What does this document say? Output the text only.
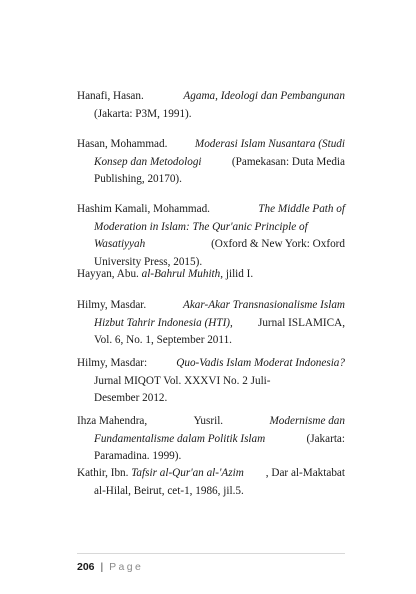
Hanafi, Hasan.	Agama, Ideologi dan Pembangunan
(Jakarta: P3M, 1991).
Hasan, Mohammad. Moderasi Islam Nusantara (Studi
Konsep dan Metodologi	(Pamekasan: Duta Media
Publishing, 20170).
Hashim Kamali, Mohammad.	The Middle Path of
Moderation in Islam: The Qur'anic Principle of
Wasatiyyah	(Oxford & New York: Oxford
University Press, 2015).
Hayyan, Abu. al-Bahrul Muhith, jilid I.
Hilmy, Masdar.	Akar-Akar Transnasionalisme Islam
Hizbut Tahrir Indonesia (HTI), Jurnal ISLAMICA,
Vol. 6, No. 1, September 2011.
Hilmy, Masdar:	Quo-Vadis Islam Moderat Indonesia?
Jurnal MIQOT Vol. XXXVI No. 2 Juli-
Desember 2012.
Ihza Mahendra,	Yusril.	Modernisme dan
Fundamentalisme dalam Politik Islam	(Jakarta:
Paramadina. 1999).
Kathir, Ibn. Tafsir al-Qur'an al-'Azim , Dar al-Maktabat
al-Hilal, Beirut, cet-1, 1986, jil.5.
206 | Page
